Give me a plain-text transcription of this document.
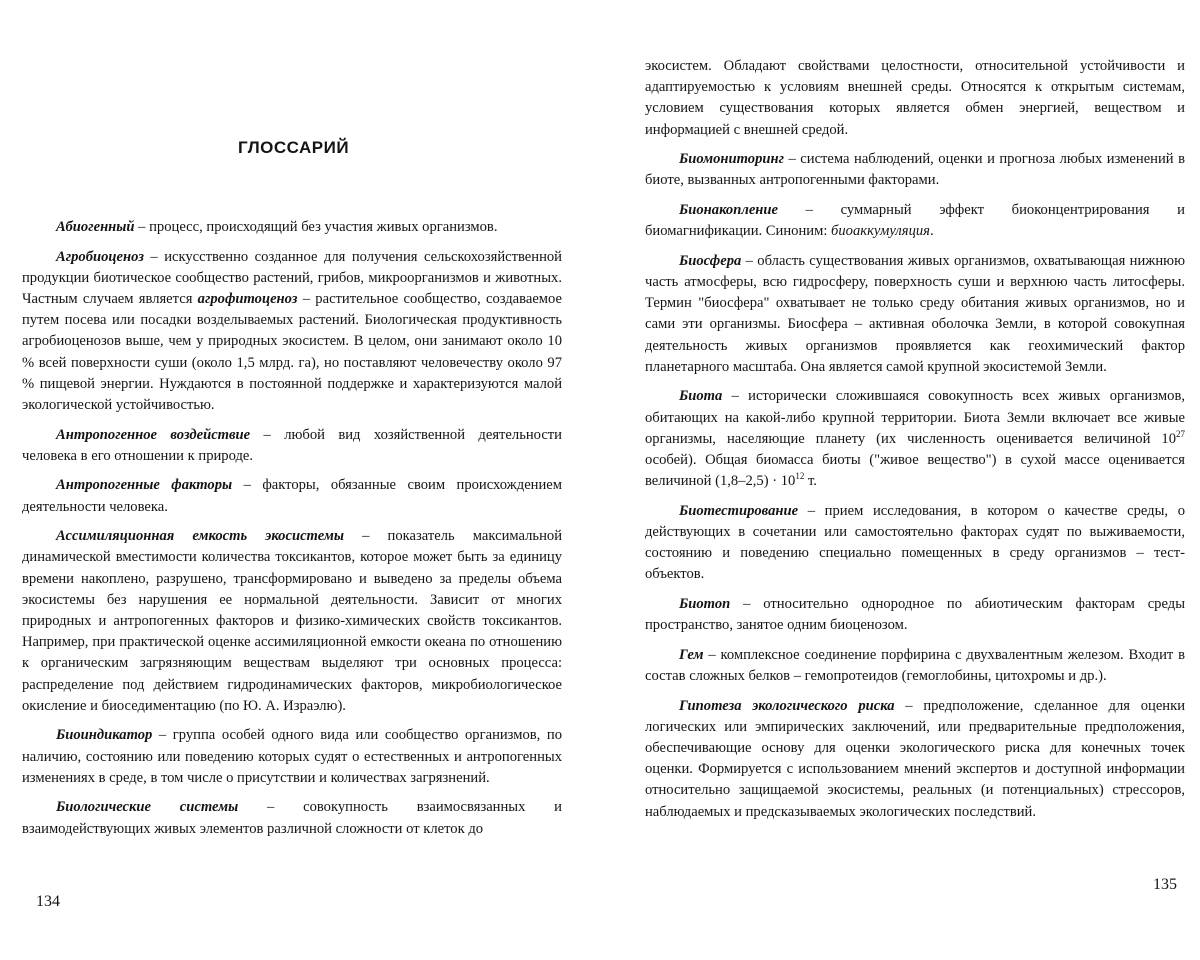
ГЛОССАРИЙ

Абиогенный – процесс, происходящий без участия живых организмов.

Агробиоценоз – искусственно созданное для получения сельскохозяйственной продукции биотическое сообщество растений, грибов, микроорганизмов и животных. Частным случаем является агрофитоценоз – растительное сообщество, создаваемое путем посева или посадки возделываемых растений. Биологическая продуктивность агробиоценозов выше, чем у природных экосистем. В целом, они занимают около 10 % всей поверхности суши (около 1,5 млрд. га), но поставляют человечеству около 97 % пищевой энергии. Нуждаются в постоянной поддержке и характеризуются малой экологической устойчивостью.

Антропогенное воздействие – любой вид хозяйственной деятельности человека в его отношении к природе.

Антропогенные факторы – факторы, обязанные своим происхождением деятельности человека.

Ассимиляционная емкость экосистемы – показатель максимальной динамической вместимости количества токсикантов, которое может быть за единицу времени накоплено, разрушено, трансформировано и выведено за пределы объема экосистемы без нарушения ее нормальной деятельности. Зависит от многих природных и антропогенных факторов и физико-химических свойств токсикантов. Например, при практической оценке ассимиляционной емкости океана по отношению к органическим загрязняющим веществам выделяют три основных процесса: распределение под действием гидродинамических факторов, микробиологическое окисление и биоседиментацию (по Ю. А. Израэлю).

Биоиндикатор – группа особей одного вида или сообщество организмов, по наличию, состоянию или поведению которых судят о естественных и антропогенных изменениях в среде, в том числе о присутствии и количествах загрязнений.

Биологические системы – совокупность взаимосвязанных и взаимодействующих живых элементов различной сложности от клеток до

134

экосистем. Обладают свойствами целостности, относительной устойчивости и адаптируемостью к условиям внешней среды. Относятся к открытым системам, условием существования которых является обмен энергией, веществом и информацией с внешней средой.

Биомониторинг – система наблюдений, оценки и прогноза любых изменений в биоте, вызванных антропогенными факторами.

Бионакопление – суммарный эффект биоконцентрирования и биомагнификации. Синоним: биоаккумуляция.

Биосфера – область существования живых организмов, охватывающая нижнюю часть атмосферы, всю гидросферу, поверхность суши и верхнюю часть литосферы. Термин "биосфера" охватывает не только среду обитания живых организмов, но и сами эти организмы. Биосфера – активная оболочка Земли, в которой совокупная деятельность живых организмов проявляется как геохимический фактор планетарного масштаба. Она является самой крупной экосистемой Земли.

Биота – исторически сложившаяся совокупность всех живых организмов, обитающих на какой-либо крупной территории. Биота Земли включает все живые организмы, населяющие планету (их численность оценивается величиной $10^{27}$ особей). Общая биомасса биоты ("живое вещество") в сухой массе оценивается величиной $(1,8-2,5) \cdot 10^{12}$ т.

Биотестирование – прием исследования, в котором о качестве среды, о действующих в сочетании или самостоятельно факторах судят по выживаемости, состоянию и поведению специально помещенных в среду организмов – тест-объектов.

Биотоп – относительно однородное по абиотическим факторам среды пространство, занятое одним биоценозом.

Гем – комплексное соединение порфирина с двухвалентным железом. Входит в состав сложных белков – гемопротеидов (гемоглобины, цитохромы и др.).

Гипотеза экологического риска – предположение, сделанное для оценки логических или эмпирических заключений, или предварительные предположения, обеспечивающие основу для оценки экологического риска для конечных точек оценки. Формируется с использованием мнений экспертов и доступной информации относительно защищаемой экосистемы, реальных (и потенциальных) стрессоров, наблюдаемых и предсказываемых экологических последствий.

135
